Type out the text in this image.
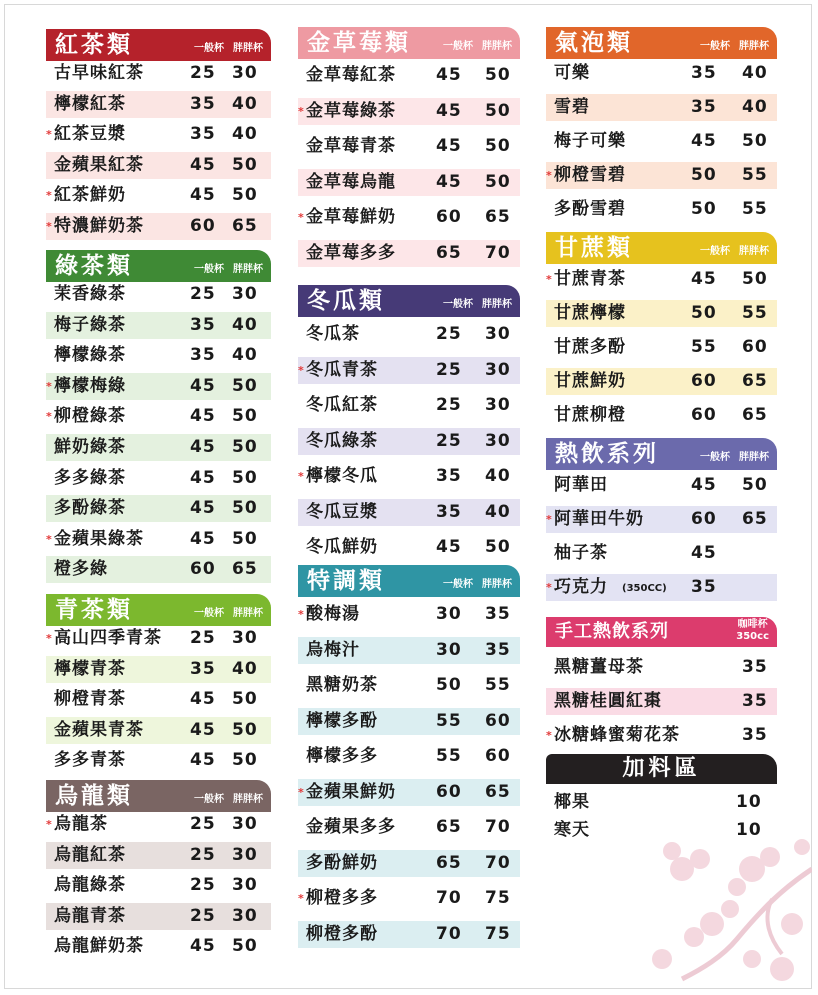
紅茶類	一般杯 胖胖杯
古早味紅茶	25 30
檸檬紅茶	35 40
* 紅茶豆漿	35 40
金蘋果紅茶	45 50
* 紅茶鮮奶	45 50
* 特濃鮮奶茶	60 65
綠茶類	一般杯 胖胖杯
茉香綠茶	25 30
梅子綠茶	35 40
檸檬綠茶	35 40
* 檸檬梅綠	45 50
* 柳橙綠茶	45 50
鮮奶綠茶	45 50
多多綠茶	45 50
多酚綠茶	45 50
* 金蘋果綠茶	45 50
橙多綠	60 65
青茶類	一般杯 胖胖杯
* 高山四季青茶 25 30
檸檬青茶	35 40
柳橙青茶	45 50
金蘋果青茶	45 50
多多青茶	45 50
烏龍類	一般杯 胖胖杯
* 烏龍茶	25 30
烏龍紅茶	25 30
烏龍綠茶	25 30
烏龍青茶	25 30
烏龍鮮奶茶	45 50
金草莓類	一般杯 胖胖杯
金草莓紅茶 45 50
* 金草莓綠茶 45 50
金草莓青茶 45 50
金草莓烏龍 45 50
* 金草莓鮮奶 60 65
金草莓多多 65 70
冬瓜類	一般杯 胖胖杯
冬瓜茶	25 30
* 冬瓜青茶	25 30
冬瓜紅茶	25 30
冬瓜綠茶	25 30
* 檸檬冬瓜	35 40
冬瓜豆漿	35 40
冬瓜鮮奶	45 50
特調類	一般杯 胖胖杯
* 酸梅湯	30 35
烏梅汁	30 35
黑糖奶茶	50 55
檸檬多酚	55 60
檸檬多多	55 60
* 金蘋果鮮奶 60 65
金蘋果多多 65 70
多酚鮮奶	65 70
* 柳橙多多	70 75
柳橙多酚	70 75
氣泡類	一般杯 胖胖杯
可樂	35 40
雪碧	35 40
梅子可樂	45 50
* 柳橙雪碧	50 55
多酚雪碧	50 55
甘蔗類	一般杯 胖胖杯
* 甘蔗青茶	45 50
甘蔗檸檬	50 55
甘蔗多酚	55 60
甘蔗鮮奶	60 65
甘蔗柳橙	60 65
熱飲系列	一般杯 胖胖杯
阿華田	45 50
* 阿華田牛奶	60 65
柚子茶	45
* 巧克力 (350CC) 35
手工熱飲系列	咖啡杯
350cc
黑糖薑母茶	35
黑糖桂圓紅棗	35
* 冰糖蜂蜜菊花茶	35
加料區
椰果	10
寒天	10
